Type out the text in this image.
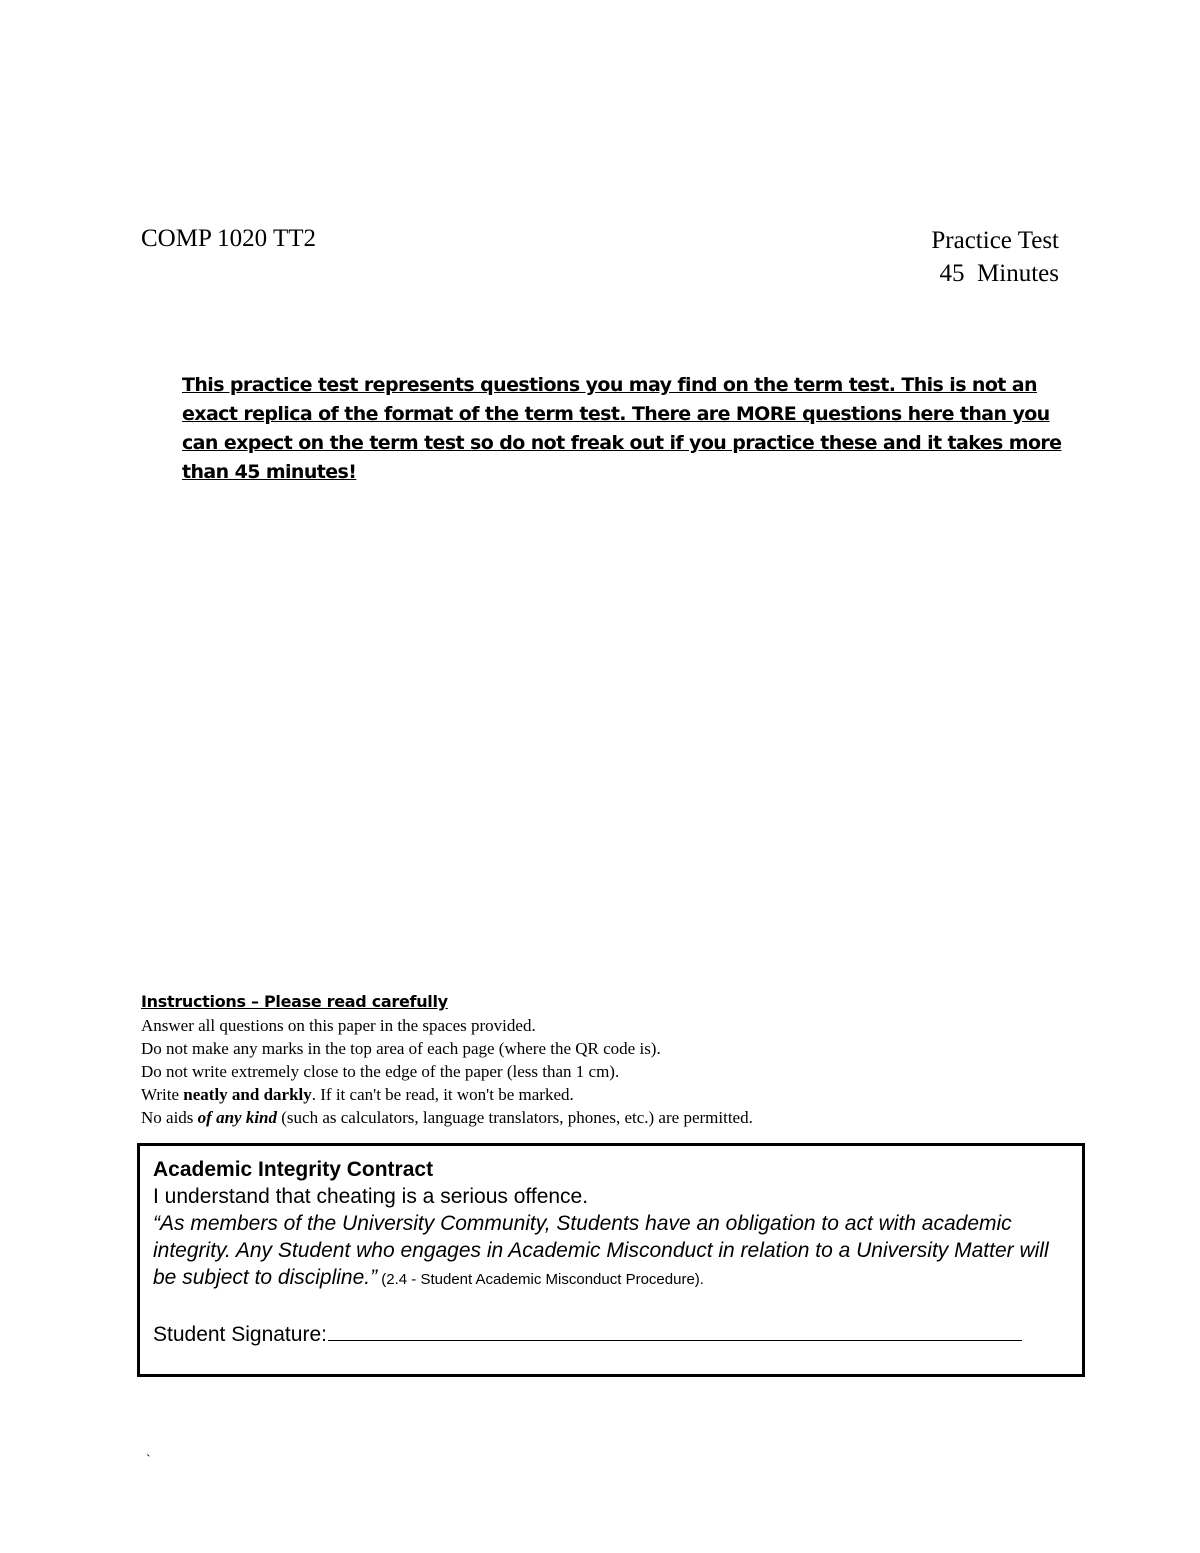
COMP 1020 TT2	Practice Test
45  Minutes
This practice test represents questions you may find on the term test. This is not an exact replica of the format of the term test. There are MORE questions here than you can expect on the term test so do not freak out if you practice these and it takes more than 45 minutes!
Instructions – Please read carefully
Answer all questions on this paper in the spaces provided.
Do not make any marks in the top area of each page (where the QR code is).
Do not write extremely close to the edge of the paper (less than 1 cm).
Write neatly and darkly. If it can't be read, it won't be marked.
No aids of any kind (such as calculators, language translators, phones, etc.) are permitted.
Academic Integrity Contract
I understand that cheating is a serious offence.
“As members of the University Community, Students have an obligation to act with academic integrity. Any Student who engages in Academic Misconduct in relation to a University Matter will be subject to discipline.” (2.4 - Student Academic Misconduct Procedure).
Student Signature:
`
